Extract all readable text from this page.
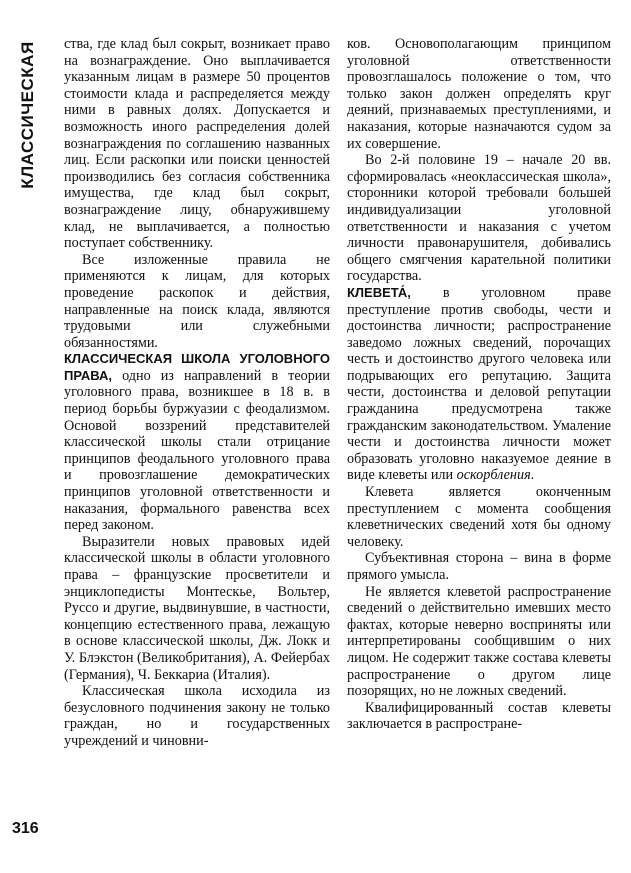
КЛАССИЧЕСКАЯ
316

ства, где клад был сокрыт, возникает право на вознаграждение. Оно выплачивается указанным лицам в размере 50 процентов стоимости клада и распределяется между ними в равных долях. Допускается и возможность иного распределения долей вознаграждения по соглашению названных лиц. Если раскопки или поиски ценностей производились без согласия собственника имущества, где клад был сокрыт, вознаграждение лицу, обнаружившему клад, не выплачивается, а полностью поступает собственнику.

Все изложенные правила не применяются к лицам, для которых проведение раскопок и действия, направленные на поиск клада, являются трудовыми или служебными обязанностями.

КЛАССИЧЕСКАЯ ШКОЛА УГОЛОВНОГО ПРАВА, одно из направлений в теории уголовного права, возникшее в 18 в. в период борьбы буржуазии с феодализмом. Основой воззрений представителей классической школы стали отрицание принципов феодального уголовного права и провозглашение демократических принципов уголовной ответственности и наказания, формального равенства всех перед законом.

Выразители новых правовых идей классической школы в области уголовного права – французские просветители и энциклопедисты Монтескье, Вольтер, Руссо и другие, выдвинувшие, в частности, концепцию естественного права, лежащую в основе классической школы, Дж. Локк и У. Блэкстон (Великобритания), А. Фейербах (Германия), Ч. Беккариа (Италия).

Классическая школа исходила из безусловного подчинения закону не только граждан, но и государственных учреждений и чиновни-

ков. Основополагающим принципом уголовной ответственности провозглашалось положение о том, что только закон должен определять круг деяний, признаваемых преступлениями, и наказания, которые назначаются судом за их совершение.

Во 2-й половине 19 – начале 20 вв. сформировалась «неоклассическая школа», сторонники которой требовали большей индивидуализации уголовной ответственности и наказания с учетом личности правонарушителя, добивались общего смягчения карательной политики государства.

КЛЕВЕТА́, в уголовном праве преступление против свободы, чести и достоинства личности; распространение заведомо ложных сведений, порочащих честь и достоинство другого человека или подрывающих его репутацию. Защита чести, достоинства и деловой репутации гражданина предусмотрена также гражданским законодательством. Умаление чести и достоинства личности может образовать уголовно наказуемое деяние в виде клеветы или оскорбления.

Клевета является оконченным преступлением с момента сообщения клеветнических сведений хотя бы одному человеку.

Субъективная сторона – вина в форме прямого умысла.

Не является клеветой распространение сведений о действительно имевших место фактах, которые неверно восприняты или интерпретированы сообщившим о них лицом. Не содержит также состава клеветы распространение о другом лице позорящих, но не ложных сведений.

Квалифицированный состав клеветы заключается в распростране-
